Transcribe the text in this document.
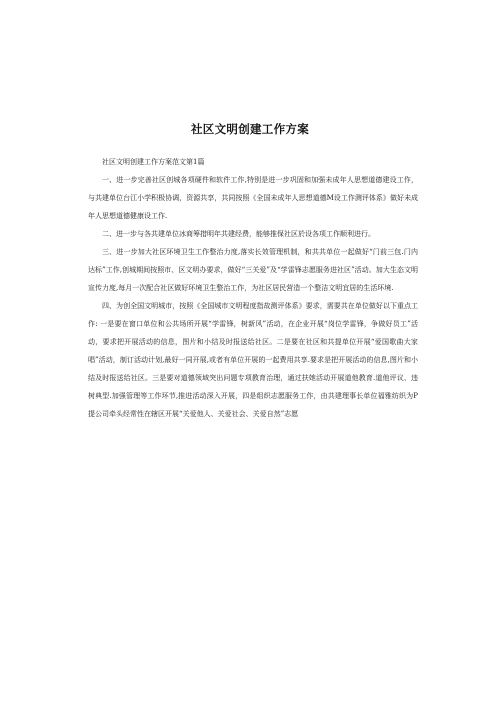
社区文明创建工作方案

社区文明创建工作方案范文第1篇

一、进一步完善社区创城各项硬件和软件工作,特别是进一步巩固和加强未成年人思想道德建设工作，与共建单位台江小学积极协调，资源共享，共同按照《全国未成年人思想道德M设工作测评体系》做好未成年人思想道德健康设工作.

二、进一步与各共建单位冰商筹措明年共建经费，能够推保社区於设各项工作顺利进行。

三、进一步加大社区环境卫生工作整治力度,落实长效管理机制，和共共单位一起做好“门前三包.门内达标”工作,创城期间按照市、区文明办要求，做好“三关爱”及“学雷锋志愿服务进社区”活动。加大生态文明宣传力度,每月一次配合社区做好环境卫生整治工作，为社区居民营造一个整洁文明宜居的生活环境.

四、为创全国文明城市，按照《全国城市文明程度指故测评体系》要求，需要共在单位做好以下重点工作: 一是要在窗口单位和公共场所开展“学雷锋，树新风”活动，在企业开展“岗位学雷锋，争做好员工”活动，要求把开展活动的信息，图片和小结及时报送给社区。二是要在社区和共提单位开展“爱国歌曲大家唱”活动，制订活动计划,最好一同开展,或者有单位开展的一起费用共享.要求是把开展活动的信息,图片和小结及时报送给社区。三是要对道德领域突出问题专项教育治理，通过扶她活动开展道他教育.道他评议、违树典型.加强管理等工作环节,推进活动深入开展，四是组织志愿服务工作，由共建理事长单位福雅纺织为P提公司牵头经常性在辖区开展“关爱他人、关爱社会、关爱自然”志愿
